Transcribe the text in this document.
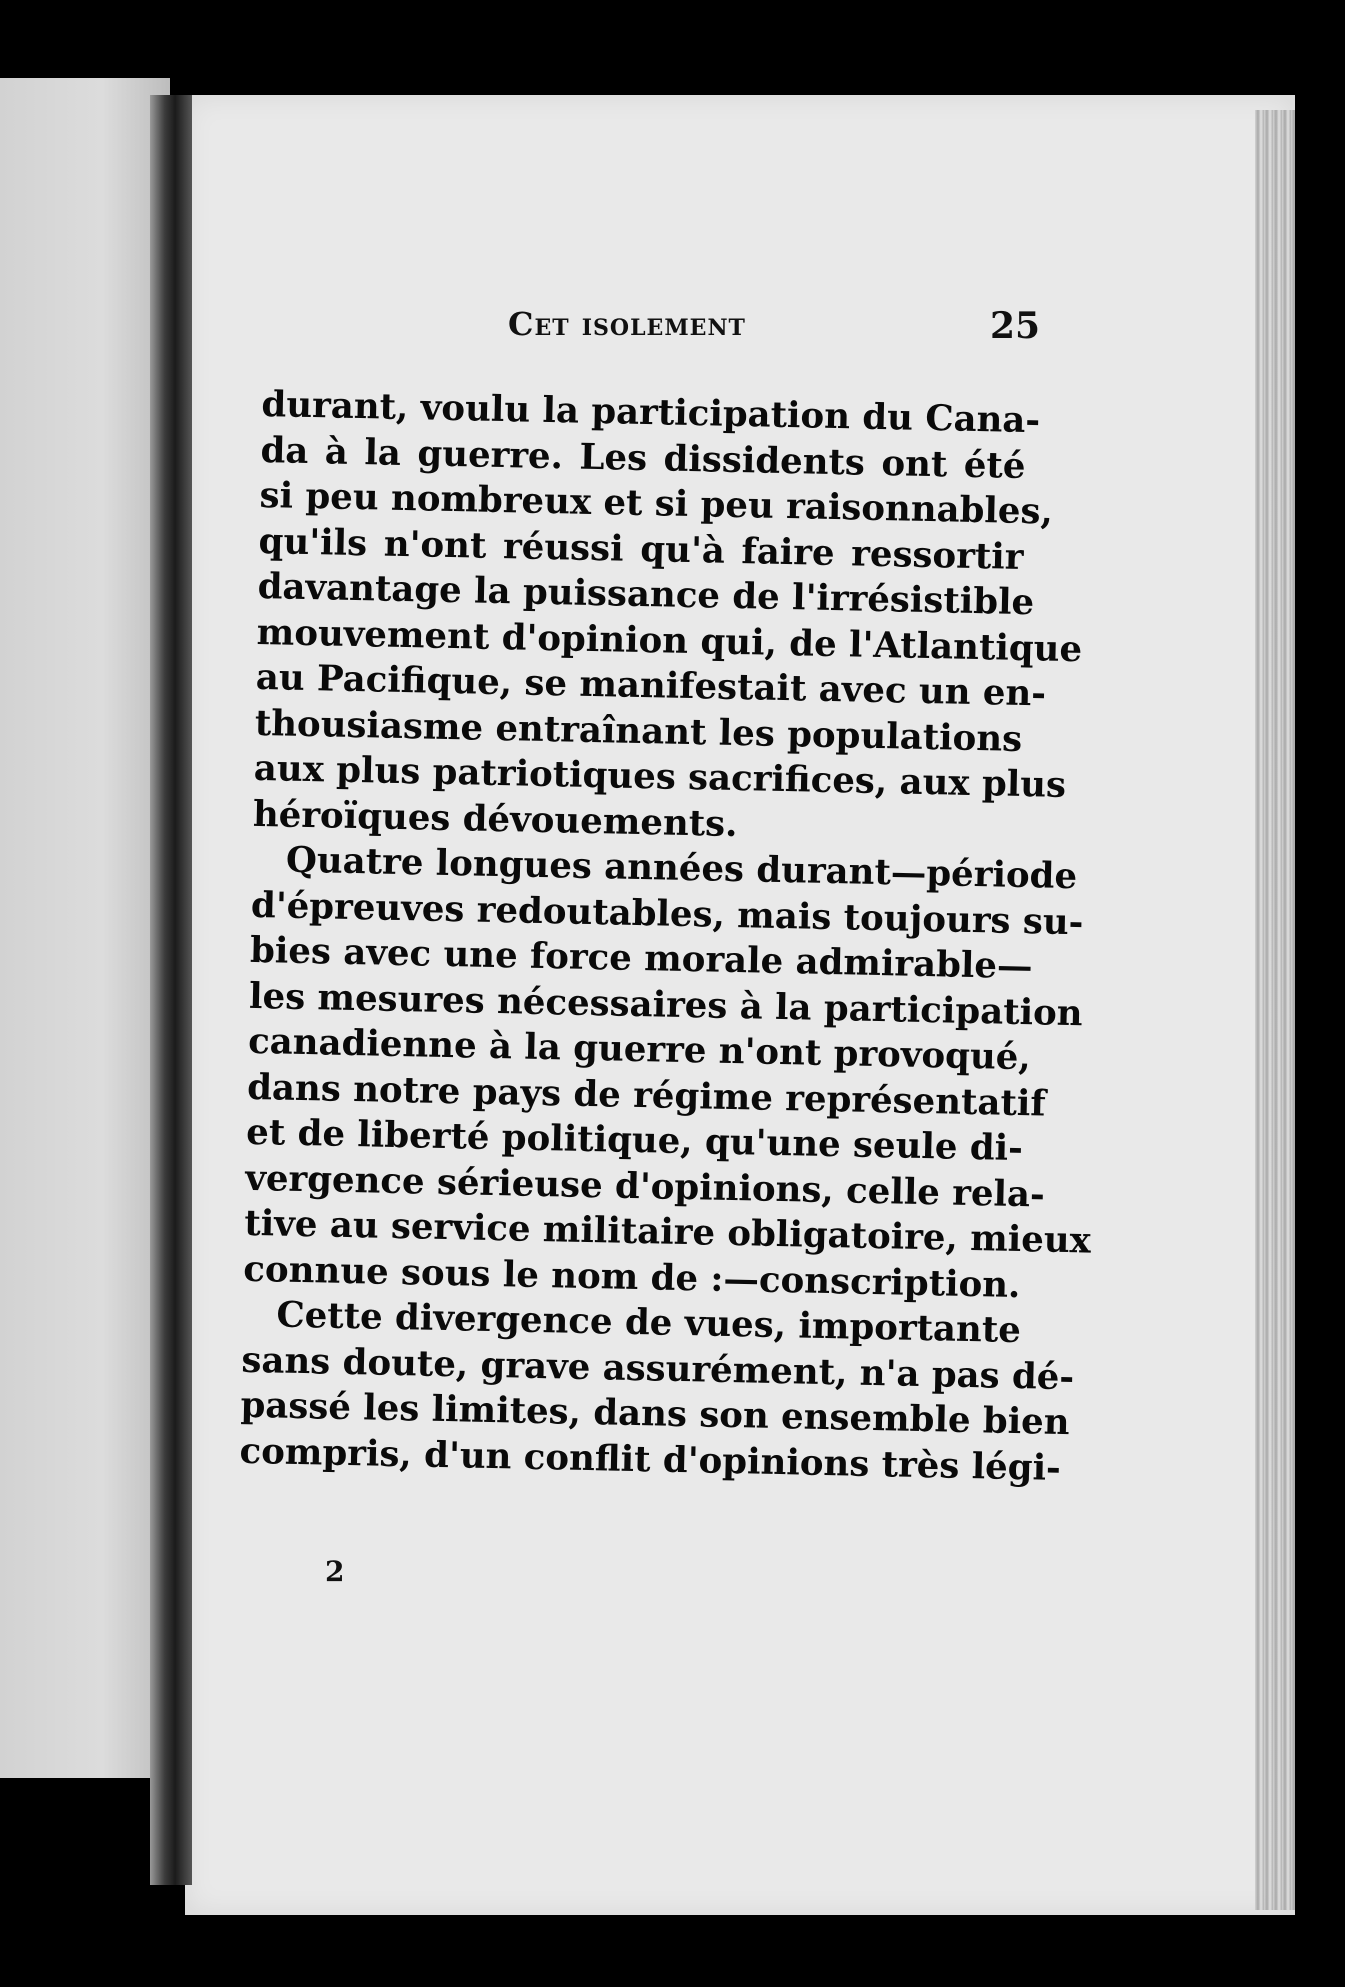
Cet isolement	25
durant, voulu la participation du Cana-
da à la guerre. Les dissidents ont été
si peu nombreux et si peu raisonnables,
qu'ils n'ont réussi qu'à faire ressortir
davantage la puissance de l'irrésistible
mouvement d'opinion qui, de l'Atlantique
au Pacifique, se manifestait avec un en-
thousiasme entraînant les populations
aux plus patriotiques sacrifices, aux plus
héroïques dévouements.
Quatre longues années durant—période
d'épreuves redoutables, mais toujours su-
bies avec une force morale admirable—
les mesures nécessaires à la participation
canadienne à la guerre n'ont provoqué,
dans notre pays de régime représentatif
et de liberté politique, qu'une seule di-
vergence sérieuse d'opinions, celle rela-
tive au service militaire obligatoire, mieux
connue sous le nom de :—conscription.
Cette divergence de vues, importante
sans doute, grave assurément, n'a pas dé-
passé les limites, dans son ensemble bien
compris, d'un conflit d'opinions très légi-
2
